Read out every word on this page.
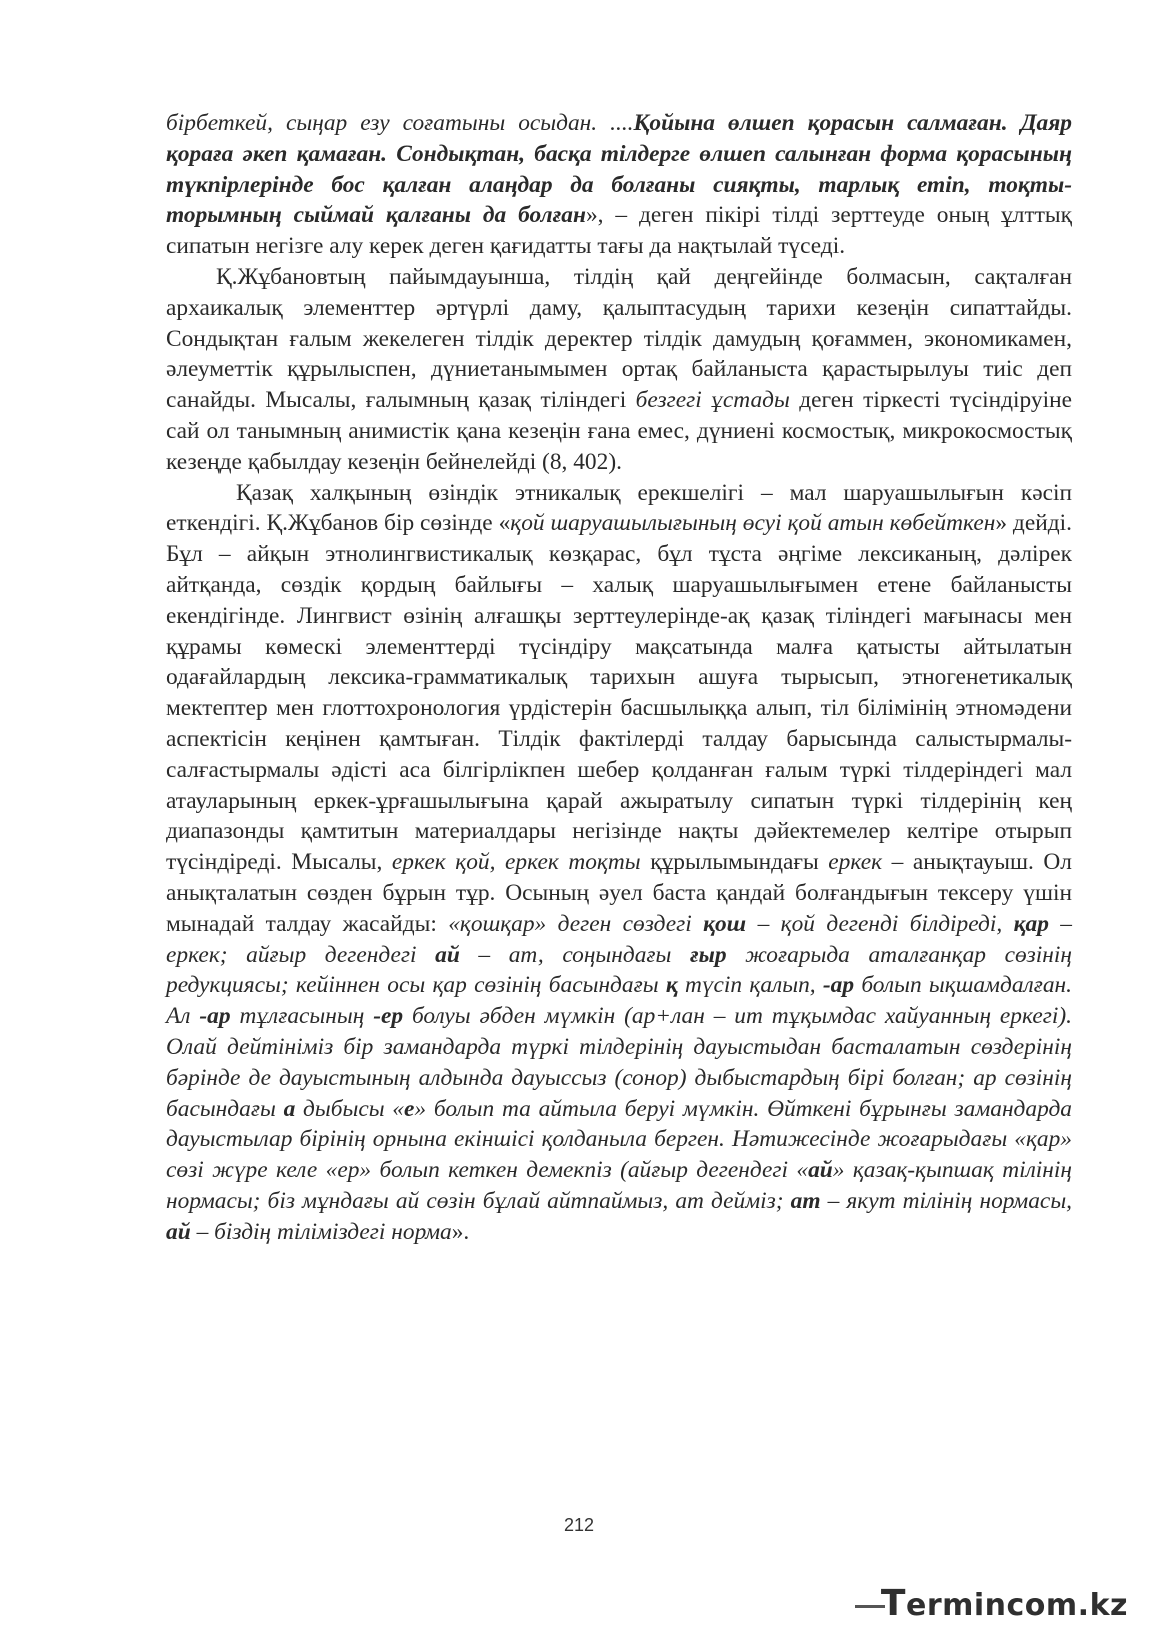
бірбеткей, сыңар езу соғатыны осыдан. ....Қойына өлшеп қорасын салмаған. Даяр қораға әкеп қамаған. Сондықтан, басқа тілдерге өлшеп салынған форма қорасының түкпірлерінде бос қалған алаңдар да болғаны сияқты, тарлық етіп, тоқты-торымның сыймай қалғаны да болған», – деген пікірі тілді зерттеуде оның ұлттық сипатын негізге алу керек деген қағидатты тағы да нақтылай түседі.

Қ.Жұбановтың пайымдауынша, тілдің қай деңгейінде болмасын, сақталған архаикалық элементтер әртүрлі даму, қалыптасудың тарихи кезеңін сипаттайды. Сондықтан ғалым жекелеген тілдік деректер тілдік дамудың қоғаммен, экономикамен, әлеуметтік құрылыспен, дүниетанымымен ортақ байланыста қарастырылуы тиіс деп санайды. Мысалы, ғалымның қазақ тіліндегі безгегі ұстады деген тіркесті түсіндіруіне сай ол танымның анимистік қана кезеңін ғана емес, дүниені космостық, микрокосмостық кезеңде қабылдау кезеңін бейнелейді (8, 402).

Қазақ халқының өзіндік этникалық ерекшелігі – мал шаруашылығын кәсіп еткендігі. Қ.Жұбанов бір сөзінде «қой шаруашылығының өсуі қой атын көбейткен» дейді. Бұл – айқын этнолингвистикалық көзқарас, бұл тұста әңгіме лексиканың, дәлірек айтқанда, сөздік қордың байлығы – халық шаруашылығымен етене байланысты екендігінде. Лингвист өзінің алғашқы зерттеулерінде-ақ қазақ тіліндегі мағынасы мен құрамы көмескі элементтерді түсіндіру мақсатында малға қатысты айтылатын одағайлардың лексика-грамматикалық тарихын ашуға тырысып, этногенетикалық мектептер мен глоттохронология үрдістерін басшылыққа алып, тіл білімінің этномәдени аспектісін кеңінен қамтыған. Тілдік фактілерді талдау барысында салыстырмалы-салғастырмалы әдісті аса білгірлікпен шебер қолданған ғалым түркі тілдеріндегі мал атауларының еркек-ұрғашылығына қарай ажыратылу сипатын түркі тілдерінің кең диапазонды қамтитын материалдары негізінде нақты дәйектемелер келтіре отырып түсіндіреді. Мысалы, еркек қой, еркек тоқты құрылымындағы еркек – анықтауыш. Ол анықталатын сөзден бұрын тұр. Осының әуел баста қандай болғандығын тексеру үшін мынадай талдау жасайды: «қошқар» деген сөздегі қош – қой дегенді білдіреді, қар – еркек; айғыр дегендегі ай – ат, соңындағы ғыр жоғарыда аталғанқар сөзінің редукциясы; кейіннен осы қар сөзінің басындағы қ түсіп қалып, -ар болып ықшамдалған. Ал -ар тұлғасының -ер болуы әбден мүмкін (ар+лан – ит тұқымдас хайуанның еркегі). Олай дейтініміз бір замандарда түркі тілдерінің дауыстыдан басталатын сөздерінің бәрінде де дауыстының алдында дауыссыз (сонор) дыбыстардың бірі болған; ар сөзінің басындағы а дыбысы «е» болып та айтыла беруі мүмкін. Өйткені бұрынғы замандарда дауыстылар бірінің орнына екіншісі қолданыла берген. Нәтижесінде жоғарыдағы «қар» сөзі жүре келе «ер» болып кеткен демекпіз (айғыр дегендегі «ай» қазақ-қыпшақ тілінің нормасы; біз мұндағы ай сөзін бұлай айтпаймыз, ат дейміз; ат – якут тілінің нормасы, ай – біздің тіліміздегі норма».

212
Termincom.kz
